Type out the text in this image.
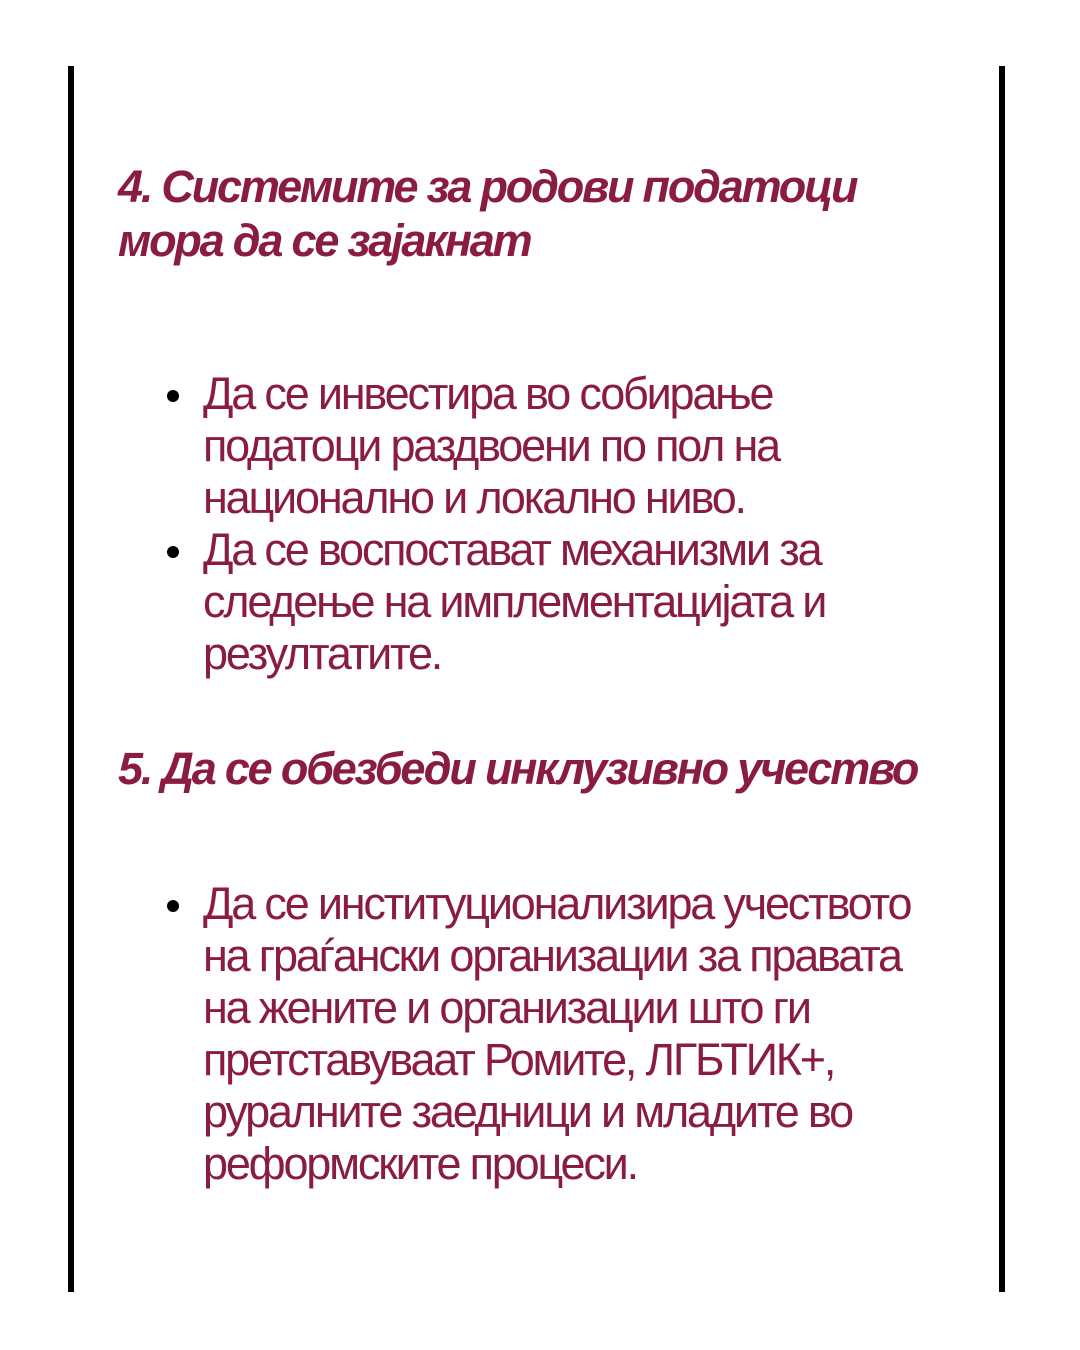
4. Системите за родови податоци мора да се зајакнат
Да се инвестира во собирање податоци раздвоени по пол на национално и локално ниво.
Да се воспостават механизми за следење на имплементацијата и резултатите.
5. Да се обезбеди инклузивно учество
Да се институционализира учеството на граѓански организации за правата на жените и организации што ги претставуваат Ромите, ЛГБТИК+, руралните заедници и младите во реформските процеси.
